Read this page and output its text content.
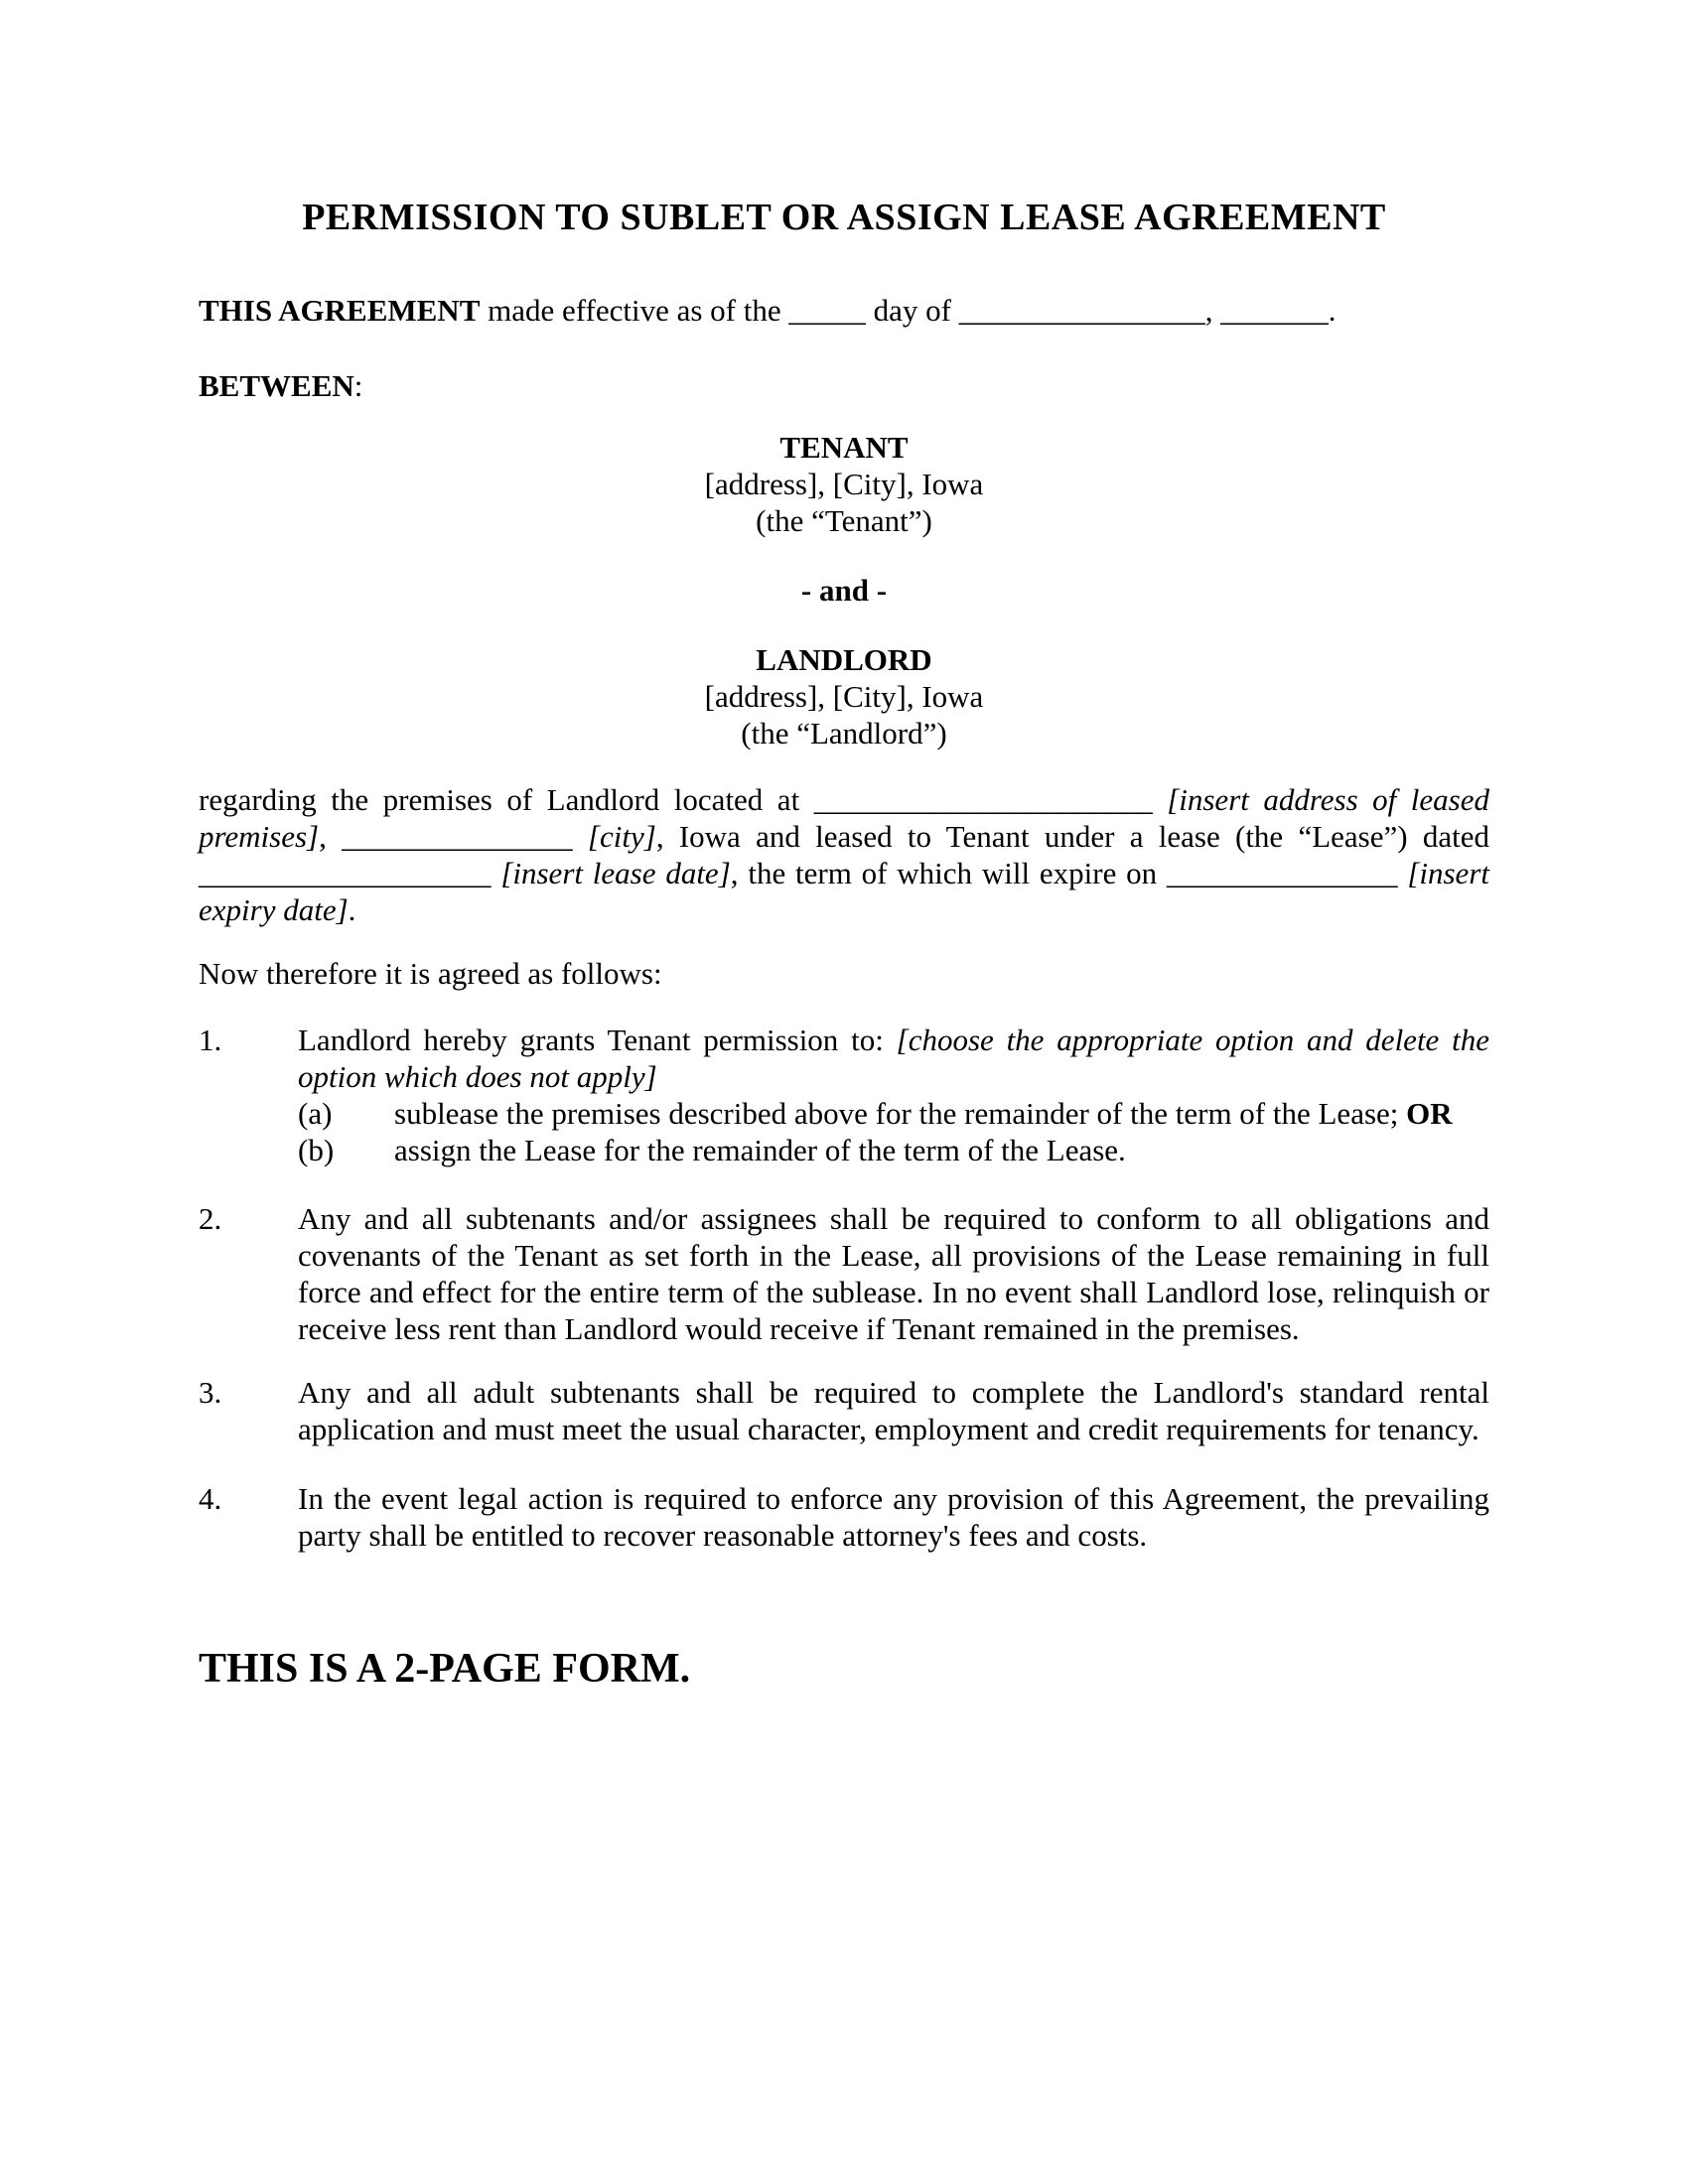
PERMISSION TO SUBLET OR ASSIGN LEASE AGREEMENT

THIS AGREEMENT made effective as of the _____ day of ________________, _______.

BETWEEN:

TENANT
[address], [City], Iowa
(the “Tenant”)
- and -
LANDLORD
[address], [City], Iowa
(the “Landlord”)

regarding the premises of Landlord located at ______________________ [insert address of leased premises], _______________ [city], Iowa and leased to Tenant under a lease (the “Lease”) dated ___________________ [insert lease date], the term of which will expire on _______________ [insert expiry date].

Now therefore it is agreed as follows:

1.	Landlord hereby grants Tenant permission to: [choose the appropriate option and delete the option which does not apply]
(a)	sublease the premises described above for the remainder of the term of the Lease; OR
(b)	assign the Lease for the remainder of the term of the Lease.
2.	Any and all subtenants and/or assignees shall be required to conform to all obligations and covenants of the Tenant as set forth in the Lease, all provisions of the Lease remaining in full force and effect for the entire term of the sublease. In no event shall Landlord lose, relinquish or receive less rent than Landlord would receive if Tenant remained in the premises.
3.	Any and all adult subtenants shall be required to complete the Landlord's standard rental application and must meet the usual character, employment and credit requirements for tenancy.
4.	In the event legal action is required to enforce any provision of this Agreement, the prevailing party shall be entitled to recover reasonable attorney's fees and costs.

THIS IS A 2-PAGE FORM.
